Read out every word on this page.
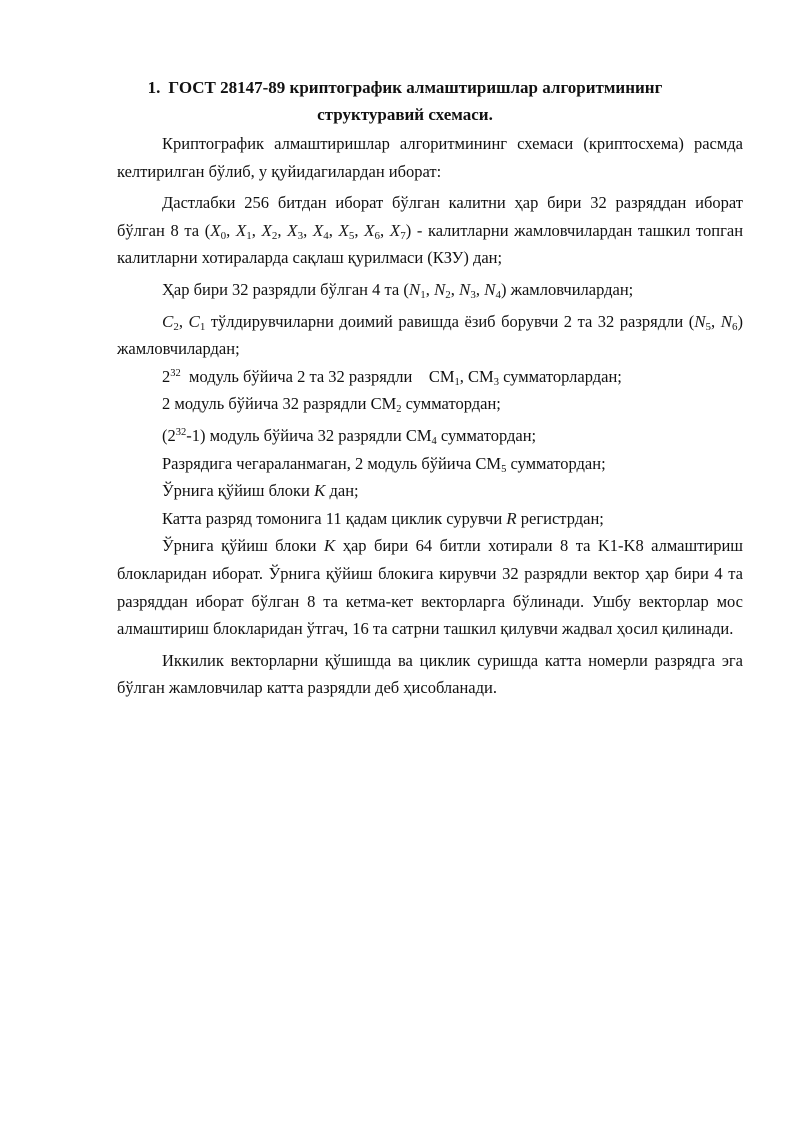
1. ГОСТ 28147-89 криптографик алмаштиришлар алгоритмининг
структуравий схемаси.

Криптографик алмаштиришлар алгоритмининг схемаси (криптосхема) расмда келтирилган бўлиб, у қуйидагилардан иборат:

Дастлабки 256 битдан иборат бўлган калитни ҳар бири 32 разряддан иборат бўлган 8 та ($X_0$, $X_1$, $X_2$, $X_3$, $X_4$, $X_5$, $X_6$, $X_7$) - калитларни жамловчилардан ташкил топган калитларни хотираларда сақлаш қурилмаси (КЗУ) дан;

Ҳар бири 32 разрядли бўлган 4 та ($N_1$, $N_2$, $N_3$, $N_4$) жамловчилардан;

$C_2$, $C_1$ тўлдирувчиларни доимий равишда ёзиб борувчи 2 та 32 разрядли ($N_5$, $N_6$) жамловчилардан;

$2^{32}$ модуль бўйича 2 та 32 разрядли $СМ_1$, $СМ_3$ сумматорлардан;

2 модуль бўйича 32 разрядли $СМ_2$ сумматордан;

$(2^{32}-1)$ модуль бўйича 32 разрядли $СМ_4$ сумматордан;

Разрядига чегараланмаган, 2 модуль бўйича $СМ_5$ сумматордан;

Ўрнига қўйиш блоки K дан;

Катта разряд томонига 11 қадам циклик сурувчи R регистрдан;

Ўрнига қўйиш блоки K ҳар бири 64 битли хотирали 8 та K1-K8 алмаштириш блокларидан иборат. Ўрнига қўйиш блокига кирувчи 32 разрядли вектор ҳар бири 4 та разряддан иборат бўлган 8 та кетма-кет векторларга бўлинади. Ушбу векторлар мос алмаштириш блокларидан ўтгач, 16 та сатрни ташкил қилувчи жадвал ҳосил қилинади.

Иккилик векторларни қўшишда ва циклик суришда катта номерли разрядга эга бўлган жамловчилар катта разрядли деб ҳисобланади.
